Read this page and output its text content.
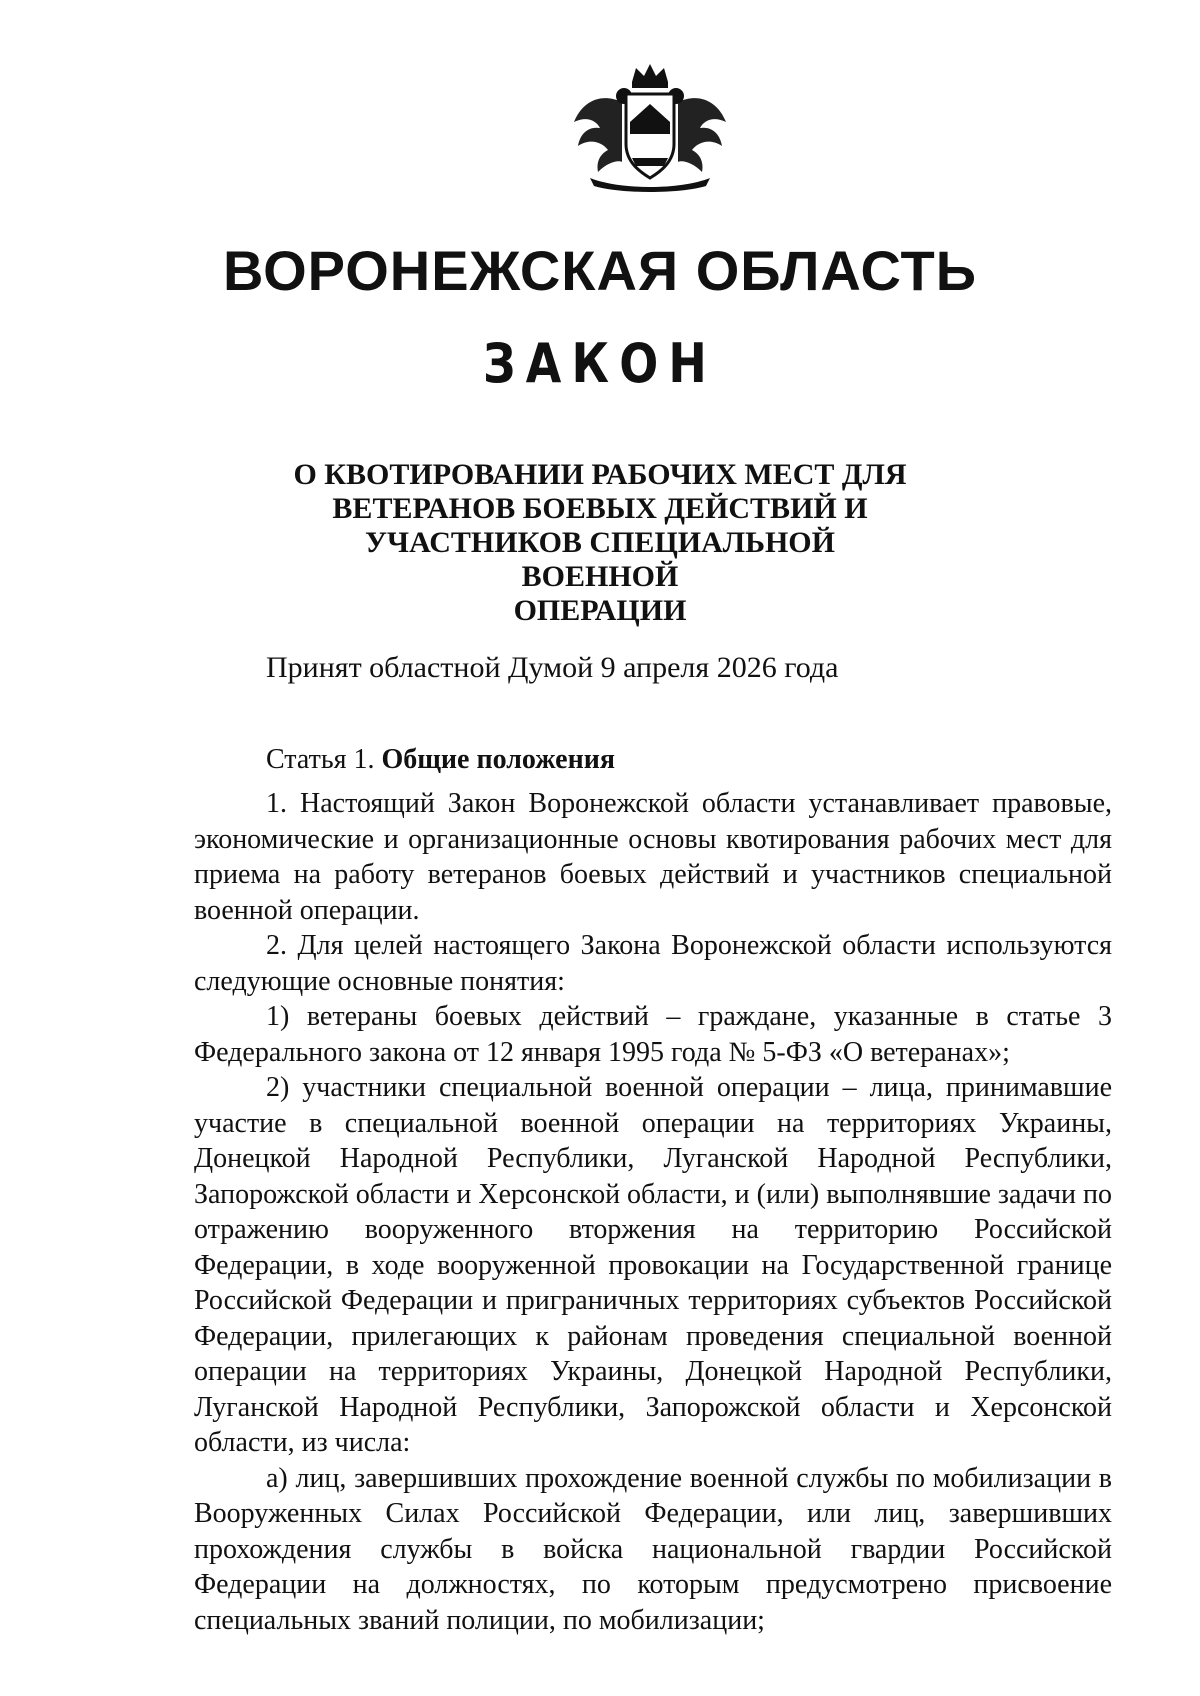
ВОРОНЕЖСКАЯ ОБЛАСТЬ
ЗАКОН
О КВОТИРОВАНИИ РАБОЧИХ МЕСТ ДЛЯ
ВЕТЕРАНОВ БОЕВЫХ ДЕЙСТВИЙ И
УЧАСТНИКОВ СПЕЦИАЛЬНОЙ ВОЕННОЙ
ОПЕРАЦИИ

Принят областной Думой 9 апреля 2026 года

Статья 1. Общие положения

1. Настоящий Закон Воронежской области устанавливает правовые, экономические и организационные основы квотирования рабочих мест для приема на работу ветеранов боевых действий и участников специальной военной операции.

2. Для целей настоящего Закона Воронежской области используются следующие основные понятия:

1) ветераны боевых действий – граждане, указанные в статье 3 Федерального закона от 12 января 1995 года № 5-ФЗ «О ветеранах»;

2) участники специальной военной операции – лица, принимавшие участие в специальной военной операции на территориях Украины, Донецкой Народной Республики, Луганской Народной Республики, Запорожской области и Херсонской области, и (или) выполнявшие задачи по отражению вооруженного вторжения на территорию Российской Федерации, в ходе вооруженной провокации на Государственной границе Российской Федерации и приграничных территориях субъектов Российской Федерации, прилегающих к районам проведения специальной военной операции на территориях Украины, Донецкой Народной Республики, Луганской Народной Республики, Запорожской области и Херсонской области, из числа:

а) лиц, завершивших прохождение военной службы по мобилизации в Вооруженных Силах Российской Федерации, или лиц, завершивших прохождения службы в войска национальной гвардии Российской Федерации на должностях, по которым предусмотрено присвоение специальных званий полиции, по мобилизации;
